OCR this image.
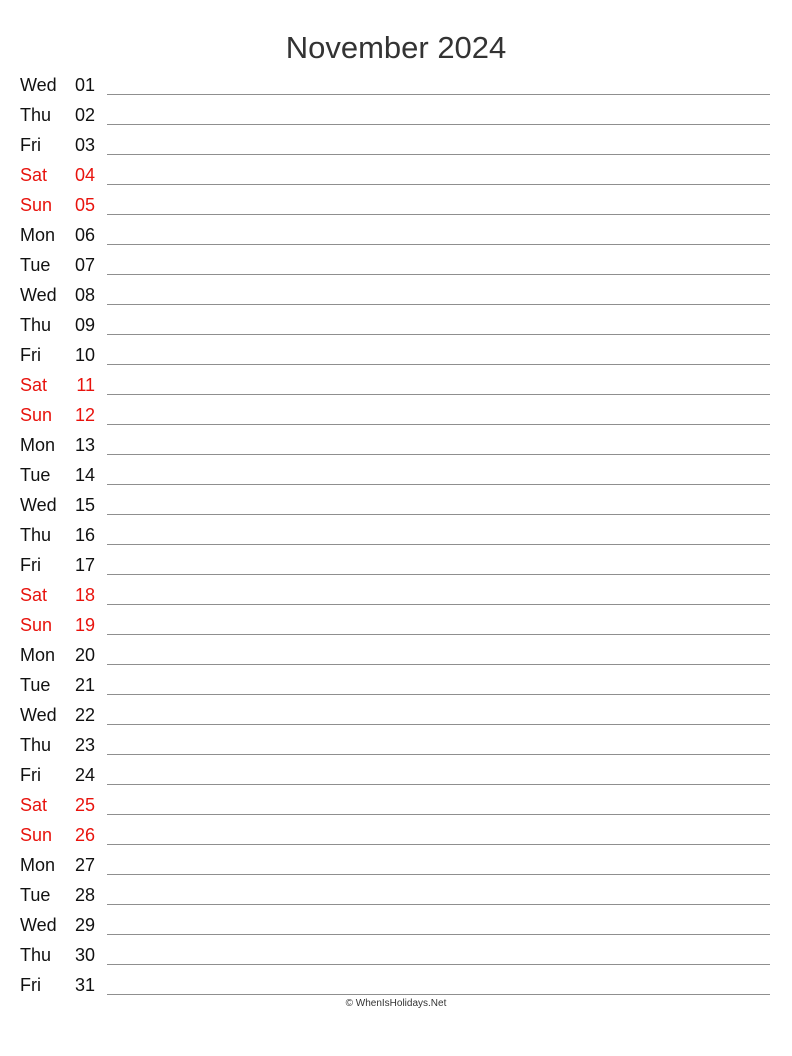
November 2024
Wed	01
Thu	02
Fri	03
Sat	04
Sun	05
Mon	06
Tue	07
Wed	08
Thu	09
Fri	10
Sat	11
Sun	12
Mon	13
Tue	14
Wed	15
Thu	16
Fri	17
Sat	18
Sun	19
Mon	20
Tue	21
Wed	22
Thu	23
Fri	24
Sat	25
Sun	26
Mon	27
Tue	28
Wed	29
Thu	30
Fri	31
© WhenIsHolidays.Net
